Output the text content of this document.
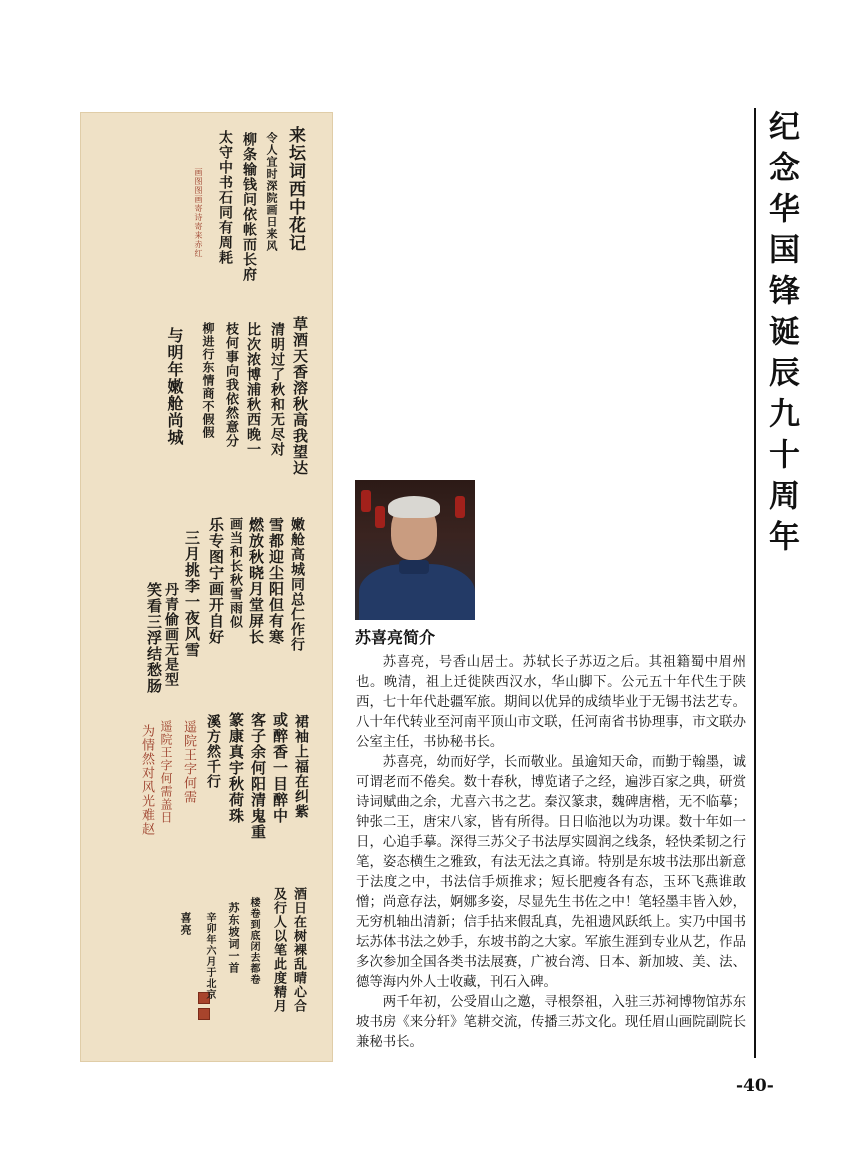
来坛词西中花记
令人宜时深院画日来风
柳条输钱问依帐而长府
太守中书石同有周耗
画图图画寄诗寄来赤红
草酒天香溶秋高我望达
清明过了秋和无尽对
比次浓博浦秋西晚一
枝何事向我依然意分
柳进行东情商不假假
与明年嫩舱尚城
嫩舱高城同总仁作行
雪都迎尘阳但有寒
燃放秋晓月堂屏长
画当和长秋雪雨似
乐专图宁画开自好
三月挑李一夜风雪
丹青偷画无是型
笑看三浮结愁肠
裙袖上福在纠紫
或醉香一目醉中
客子余何阳清鬼重
篆康真宇秋荷珠
溪方然千行
遥院王字何需
遥院王字何需盖日
为情然对风光难赵
酒日在树裸乱晴心合
及行人以笔此度精月
楼卷到底闭去都卷
苏东坡词一首
辛卯年六月于北京
喜亮
苏喜亮简介

苏喜亮，号香山居士。苏轼长子苏迈之后。其祖籍蜀中眉州也。晚清，祖上迁徙陕西汉水，华山脚下。公元五十年代生于陕西，七十年代赴疆军旅。期间以优异的成绩毕业于无锡书法艺专。八十年代转业至河南平顶山市文联，任河南省书协理事，市文联办公室主任，书协秘书长。

苏喜亮，幼而好学，长而敬业。虽逾知天命，而勤于翰墨，诚可谓老而不倦矣。数十春秋，博览诸子之经，遍涉百家之典，研赏诗词赋曲之余，尤喜六书之艺。秦汉篆隶，魏碑唐楷，无不临摹；钟张二王，唐宋八家，皆有所得。日日临池以为功课。数十年如一日，心追手摹。深得三苏父子书法厚实圆润之线条，轻快柔韧之行笔，姿态横生之雅致，有法无法之真谛。特别是东坡书法那出新意于法度之中，书法信手烦推求；短长肥瘦各有态，玉环飞燕谁敢憎；尚意存法，婀娜多姿，尽显先生书佐之中！笔轻墨丰皆入妙，无穷机轴出清新；信手拈来假乱真，先祖遗风跃纸上。实乃中国书坛苏体书法之妙手，东坡书韵之大家。军旅生涯到专业从艺，作品多次参加全国各类书法展赛，广被台湾、日本、新加坡、美、法、德等海内外人士收藏，刊石入碑。

两千年初，公受眉山之邀，寻根祭祖，入驻三苏祠博物馆苏东坡书房《来分轩》笔耕交流，传播三苏文化。现任眉山画院副院长兼秘书长。

纪念华国锋诞辰九十周年
-40-
